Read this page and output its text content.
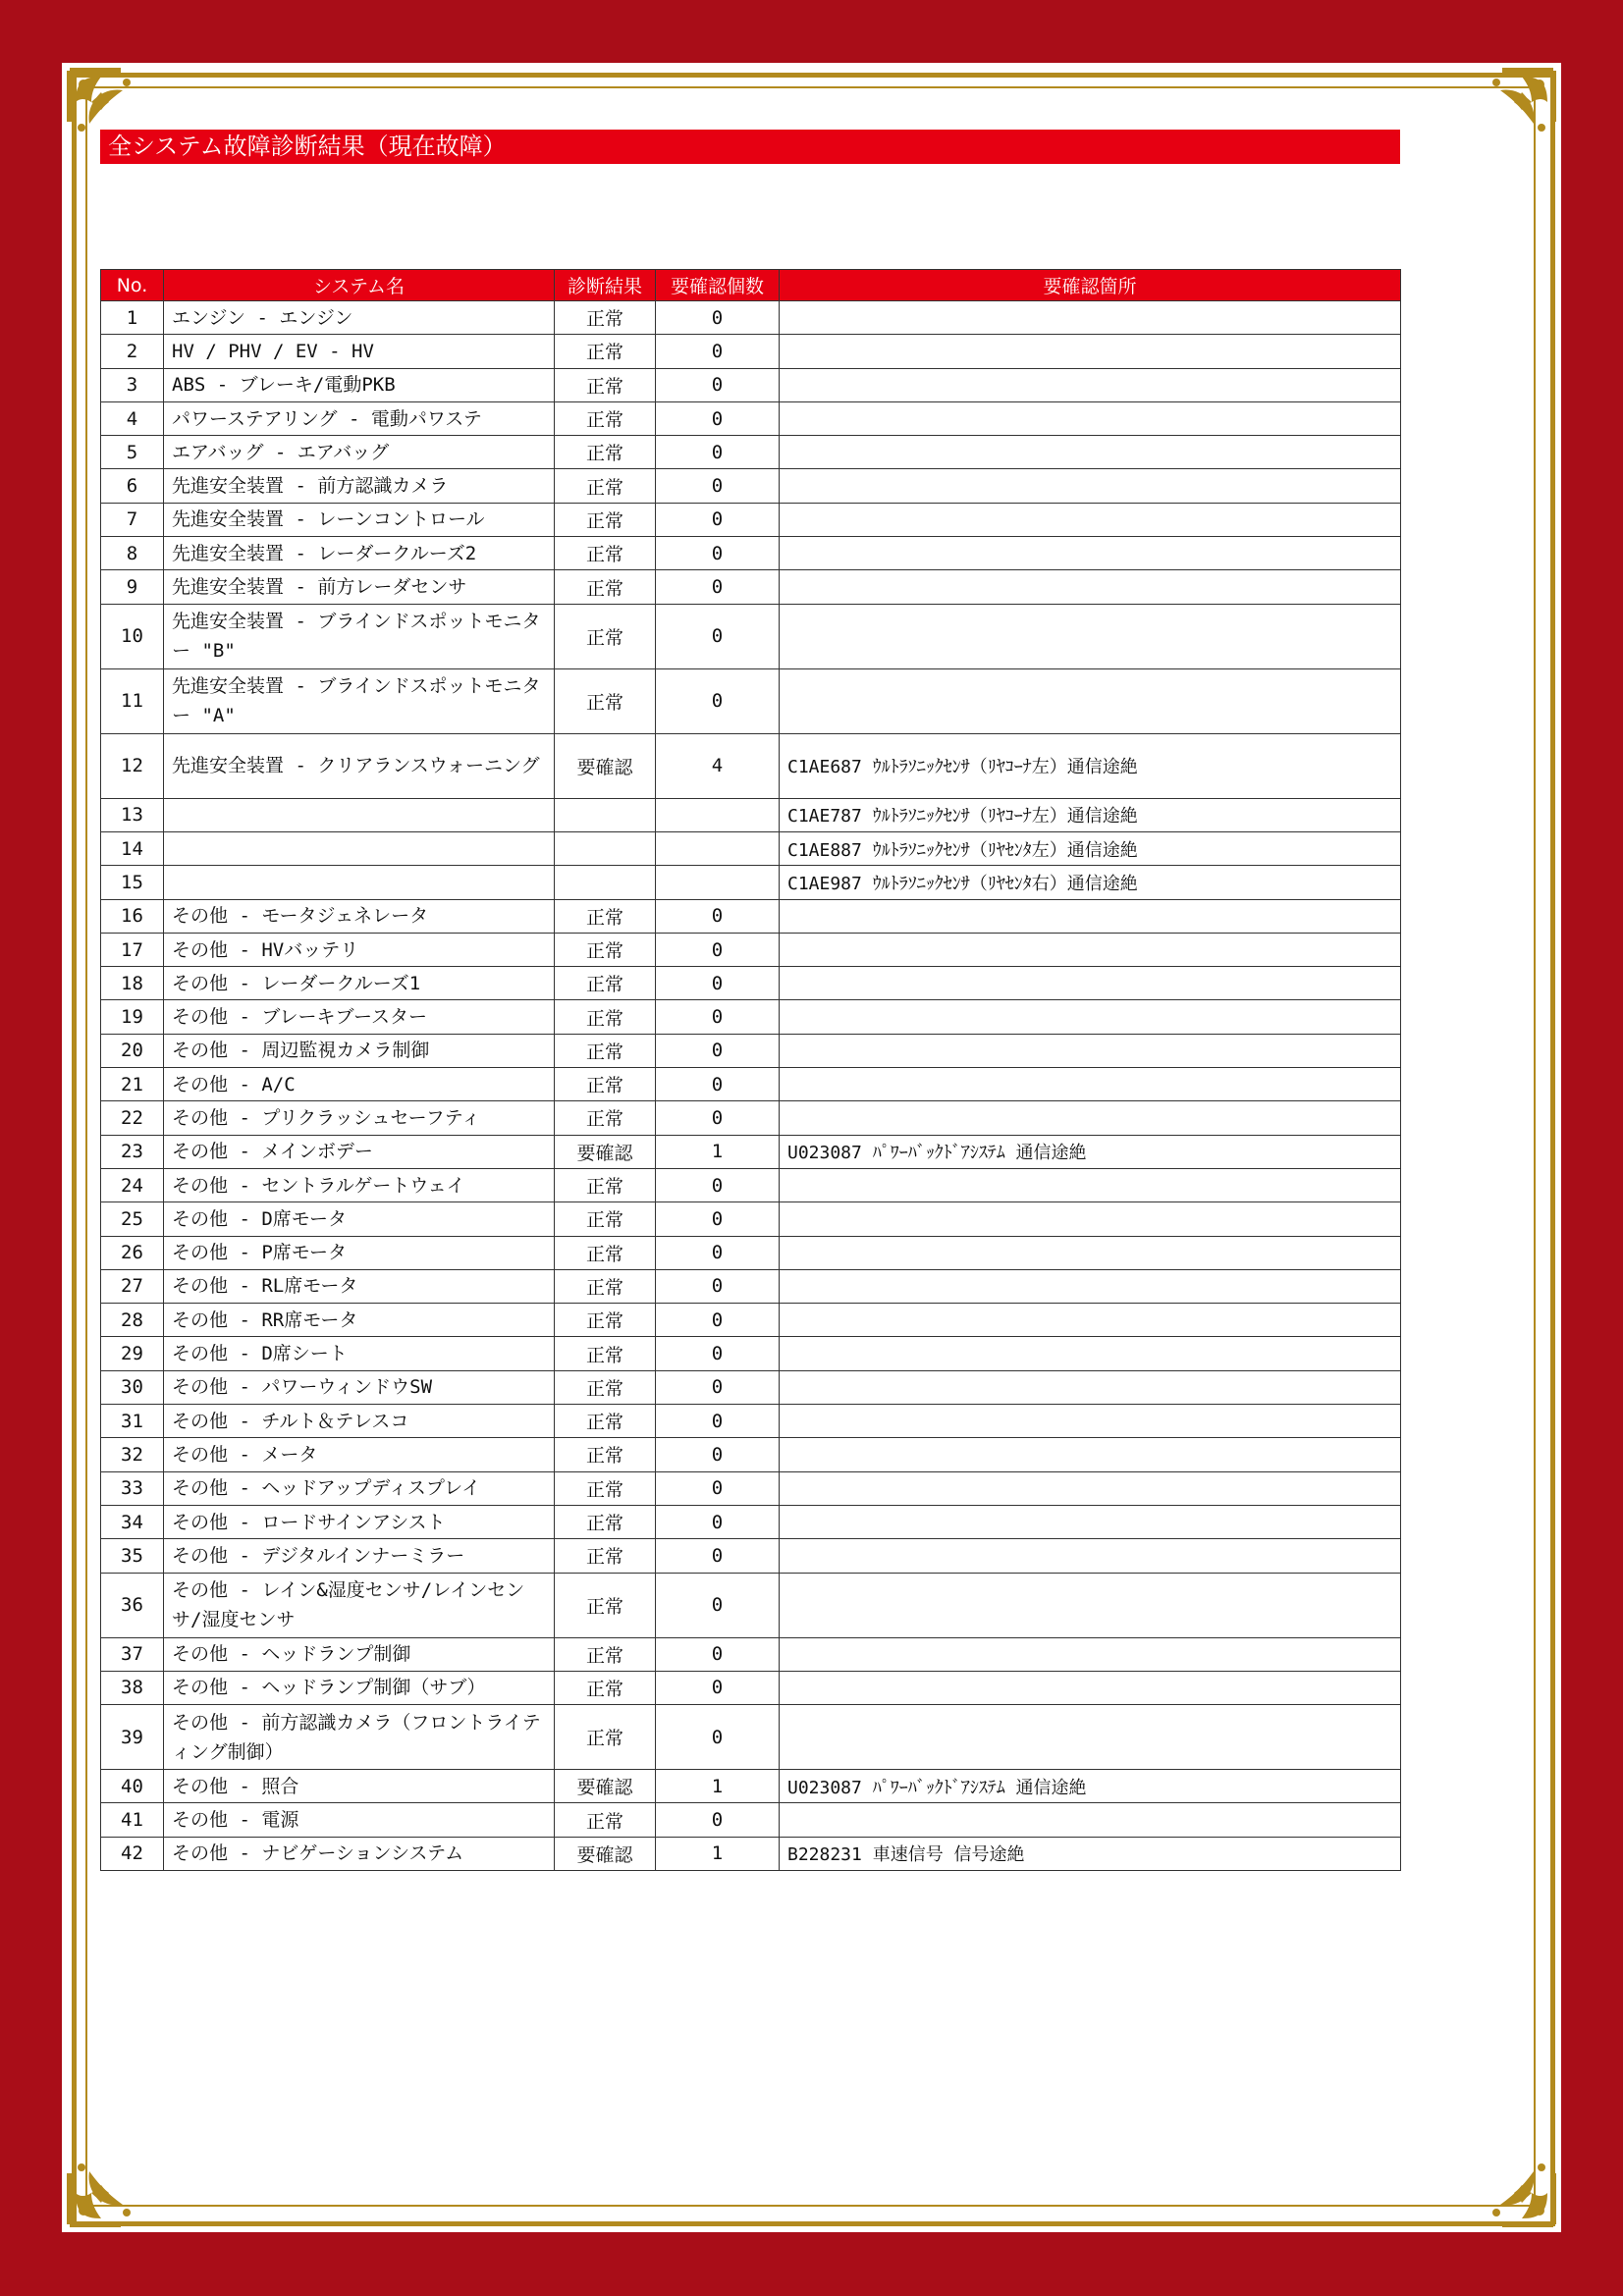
全システム故障診断結果（現在故障）
No.	システム名	診断結果	要確認個数	要確認箇所
1	エンジン - エンジン	正常	0	
2	HV / PHV / EV - HV	正常	0	
3	ABS - ブレーキ/電動PKB	正常	0	
4	パワーステアリング - 電動パワステ	正常	0	
5	エアバッグ - エアバッグ	正常	0	
6	先進安全装置 - 前方認識カメラ	正常	0	
7	先進安全装置 - レーンコントロール	正常	0	
8	先進安全装置 - レーダークルーズ2	正常	0	
9	先進安全装置 - 前方レーダセンサ	正常	0	
10	先進安全装置 - ブラインドスポットモニター "B"	正常	0	
11	先進安全装置 - ブラインドスポットモニター "A"	正常	0	
12	先進安全装置 - クリアランスウォーニング	要確認	4	C1AE687 ｳﾙﾄﾗｿﾆｯｸｾﾝｻ（ﾘﾔｺｰﾅ左）通信途絶
13				C1AE787 ｳﾙﾄﾗｿﾆｯｸｾﾝｻ（ﾘﾔｺｰﾅ左）通信途絶
14				C1AE887 ｳﾙﾄﾗｿﾆｯｸｾﾝｻ（ﾘﾔｾﾝﾀ左）通信途絶
15				C1AE987 ｳﾙﾄﾗｿﾆｯｸｾﾝｻ（ﾘﾔｾﾝﾀ右）通信途絶
16	その他 - モータジェネレータ	正常	0	
17	その他 - HVバッテリ	正常	0	
18	その他 - レーダークルーズ1	正常	0	
19	その他 - ブレーキブースター	正常	0	
20	その他 - 周辺監視カメラ制御	正常	0	
21	その他 - A/C	正常	0	
22	その他 - プリクラッシュセーフティ	正常	0	
23	その他 - メインボデー	要確認	1	U023087 ﾊﾟﾜｰﾊﾞｯｸﾄﾞｱｼｽﾃﾑ 通信途絶
24	その他 - セントラルゲートウェイ	正常	0	
25	その他 - D席モータ	正常	0	
26	その他 - P席モータ	正常	0	
27	その他 - RL席モータ	正常	0	
28	その他 - RR席モータ	正常	0	
29	その他 - D席シート	正常	0	
30	その他 - パワーウィンドウSW	正常	0	
31	その他 - チルト＆テレスコ	正常	0	
32	その他 - メータ	正常	0	
33	その他 - ヘッドアップディスプレイ	正常	0	
34	その他 - ロードサインアシスト	正常	0	
35	その他 - デジタルインナーミラー	正常	0	
36	その他 - レイン&湿度センサ/レインセンサ/湿度センサ	正常	0	
37	その他 - ヘッドランプ制御	正常	0	
38	その他 - ヘッドランプ制御（サブ）	正常	0	
39	その他 - 前方認識カメラ（フロントライティング制御）	正常	0	
40	その他 - 照合	要確認	1	U023087 ﾊﾟﾜｰﾊﾞｯｸﾄﾞｱｼｽﾃﾑ 通信途絶
41	その他 - 電源	正常	0	
42	その他 - ナビゲーションシステム	要確認	1	B228231 車速信号 信号途絶
